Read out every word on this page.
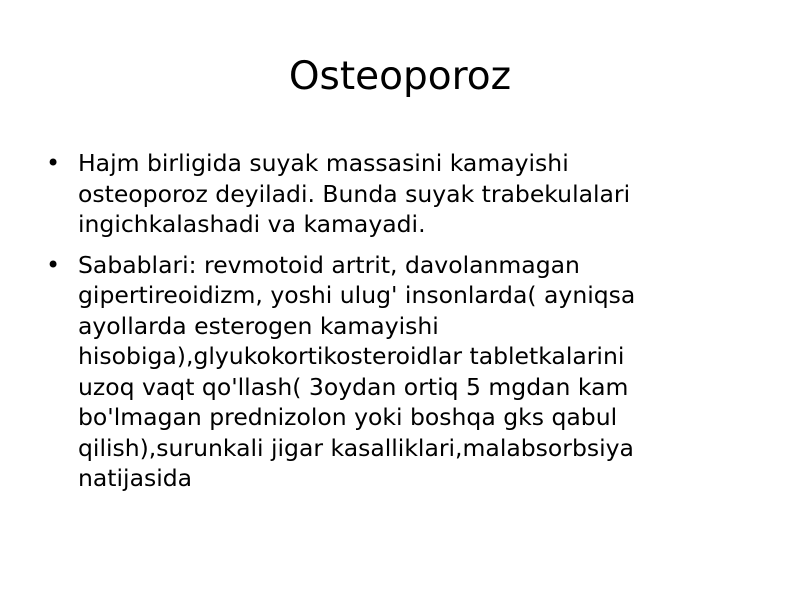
Osteoporoz
• Hajm birligida suyak massasini kamayishi
osteoporoz deyiladi. Bunda suyak trabekulalari
ingichkalashadi va kamayadi.
• Sabablari: revmotoid artrit, davolanmagan
gipertireoidizm, yoshi ulug' insonlarda( ayniqsa
ayollarda esterogen kamayishi
hisobiga),glyukokortikosteroidlar tabletkalarini
uzoq vaqt qo'llash( 3oydan ortiq 5 mgdan kam
bo'lmagan prednizolon yoki boshqa gks qabul
qilish),surunkali jigar kasalliklari,malabsorbsiya
natijasida
